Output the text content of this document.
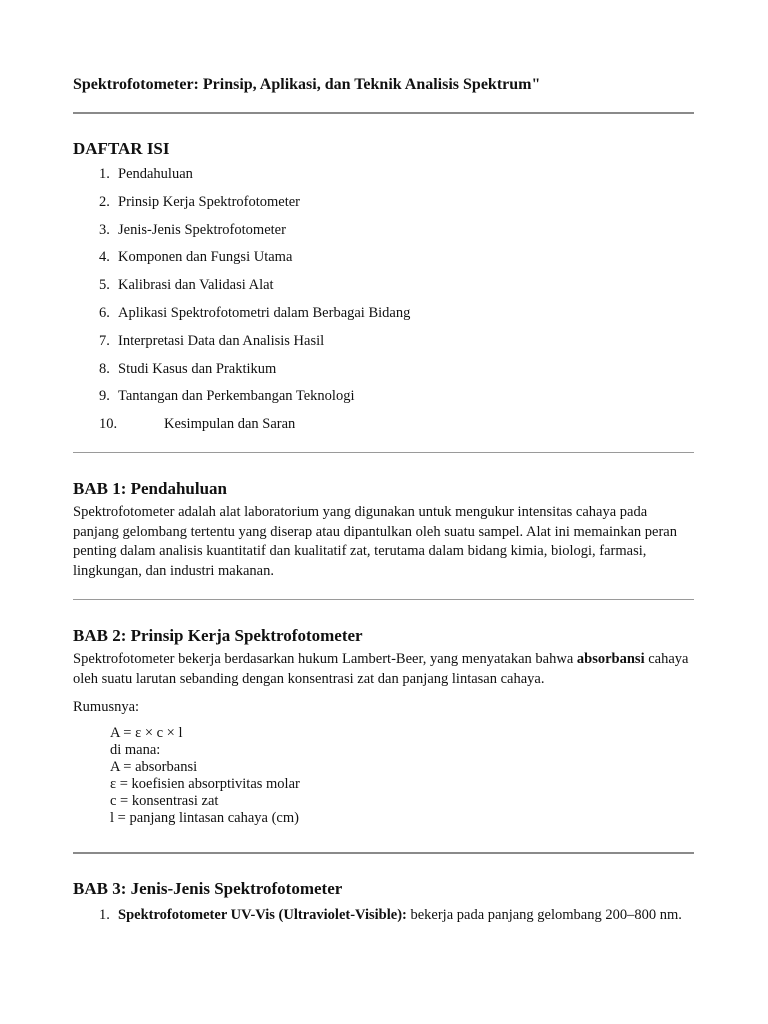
Spektrofotometer: Prinsip, Aplikasi, dan Teknik Analisis Spektrum"
DAFTAR ISI
1. Pendahuluan
2. Prinsip Kerja Spektrofotometer
3. Jenis-Jenis Spektrofotometer
4. Komponen dan Fungsi Utama
5. Kalibrasi dan Validasi Alat
6. Aplikasi Spektrofotometri dalam Berbagai Bidang
7. Interpretasi Data dan Analisis Hasil
8. Studi Kasus dan Praktikum
9. Tantangan dan Perkembangan Teknologi
10.	Kesimpulan dan Saran
BAB 1: Pendahuluan

Spektrofotometer adalah alat laboratorium yang digunakan untuk mengukur intensitas cahaya pada panjang gelombang tertentu yang diserap atau dipantulkan oleh suatu sampel. Alat ini memainkan peran penting dalam analisis kuantitatif dan kualitatif zat, terutama dalam bidang kimia, biologi, farmasi, lingkungan, dan industri makanan.

BAB 2: Prinsip Kerja Spektrofotometer

Spektrofotometer bekerja berdasarkan hukum Lambert-Beer, yang menyatakan bahwa absorbansi cahaya oleh suatu larutan sebanding dengan konsentrasi zat dan panjang lintasan cahaya.

Rumusnya:

A = ε × c × l
di mana:
A = absorbansi
ε = koefisien absorptivitas molar
c = konsentrasi zat
l = panjang lintasan cahaya (cm)
BAB 3: Jenis-Jenis Spektrofotometer
1. Spektrofotometer UV-Vis (Ultraviolet-Visible): bekerja pada panjang gelombang 200–800 nm.
